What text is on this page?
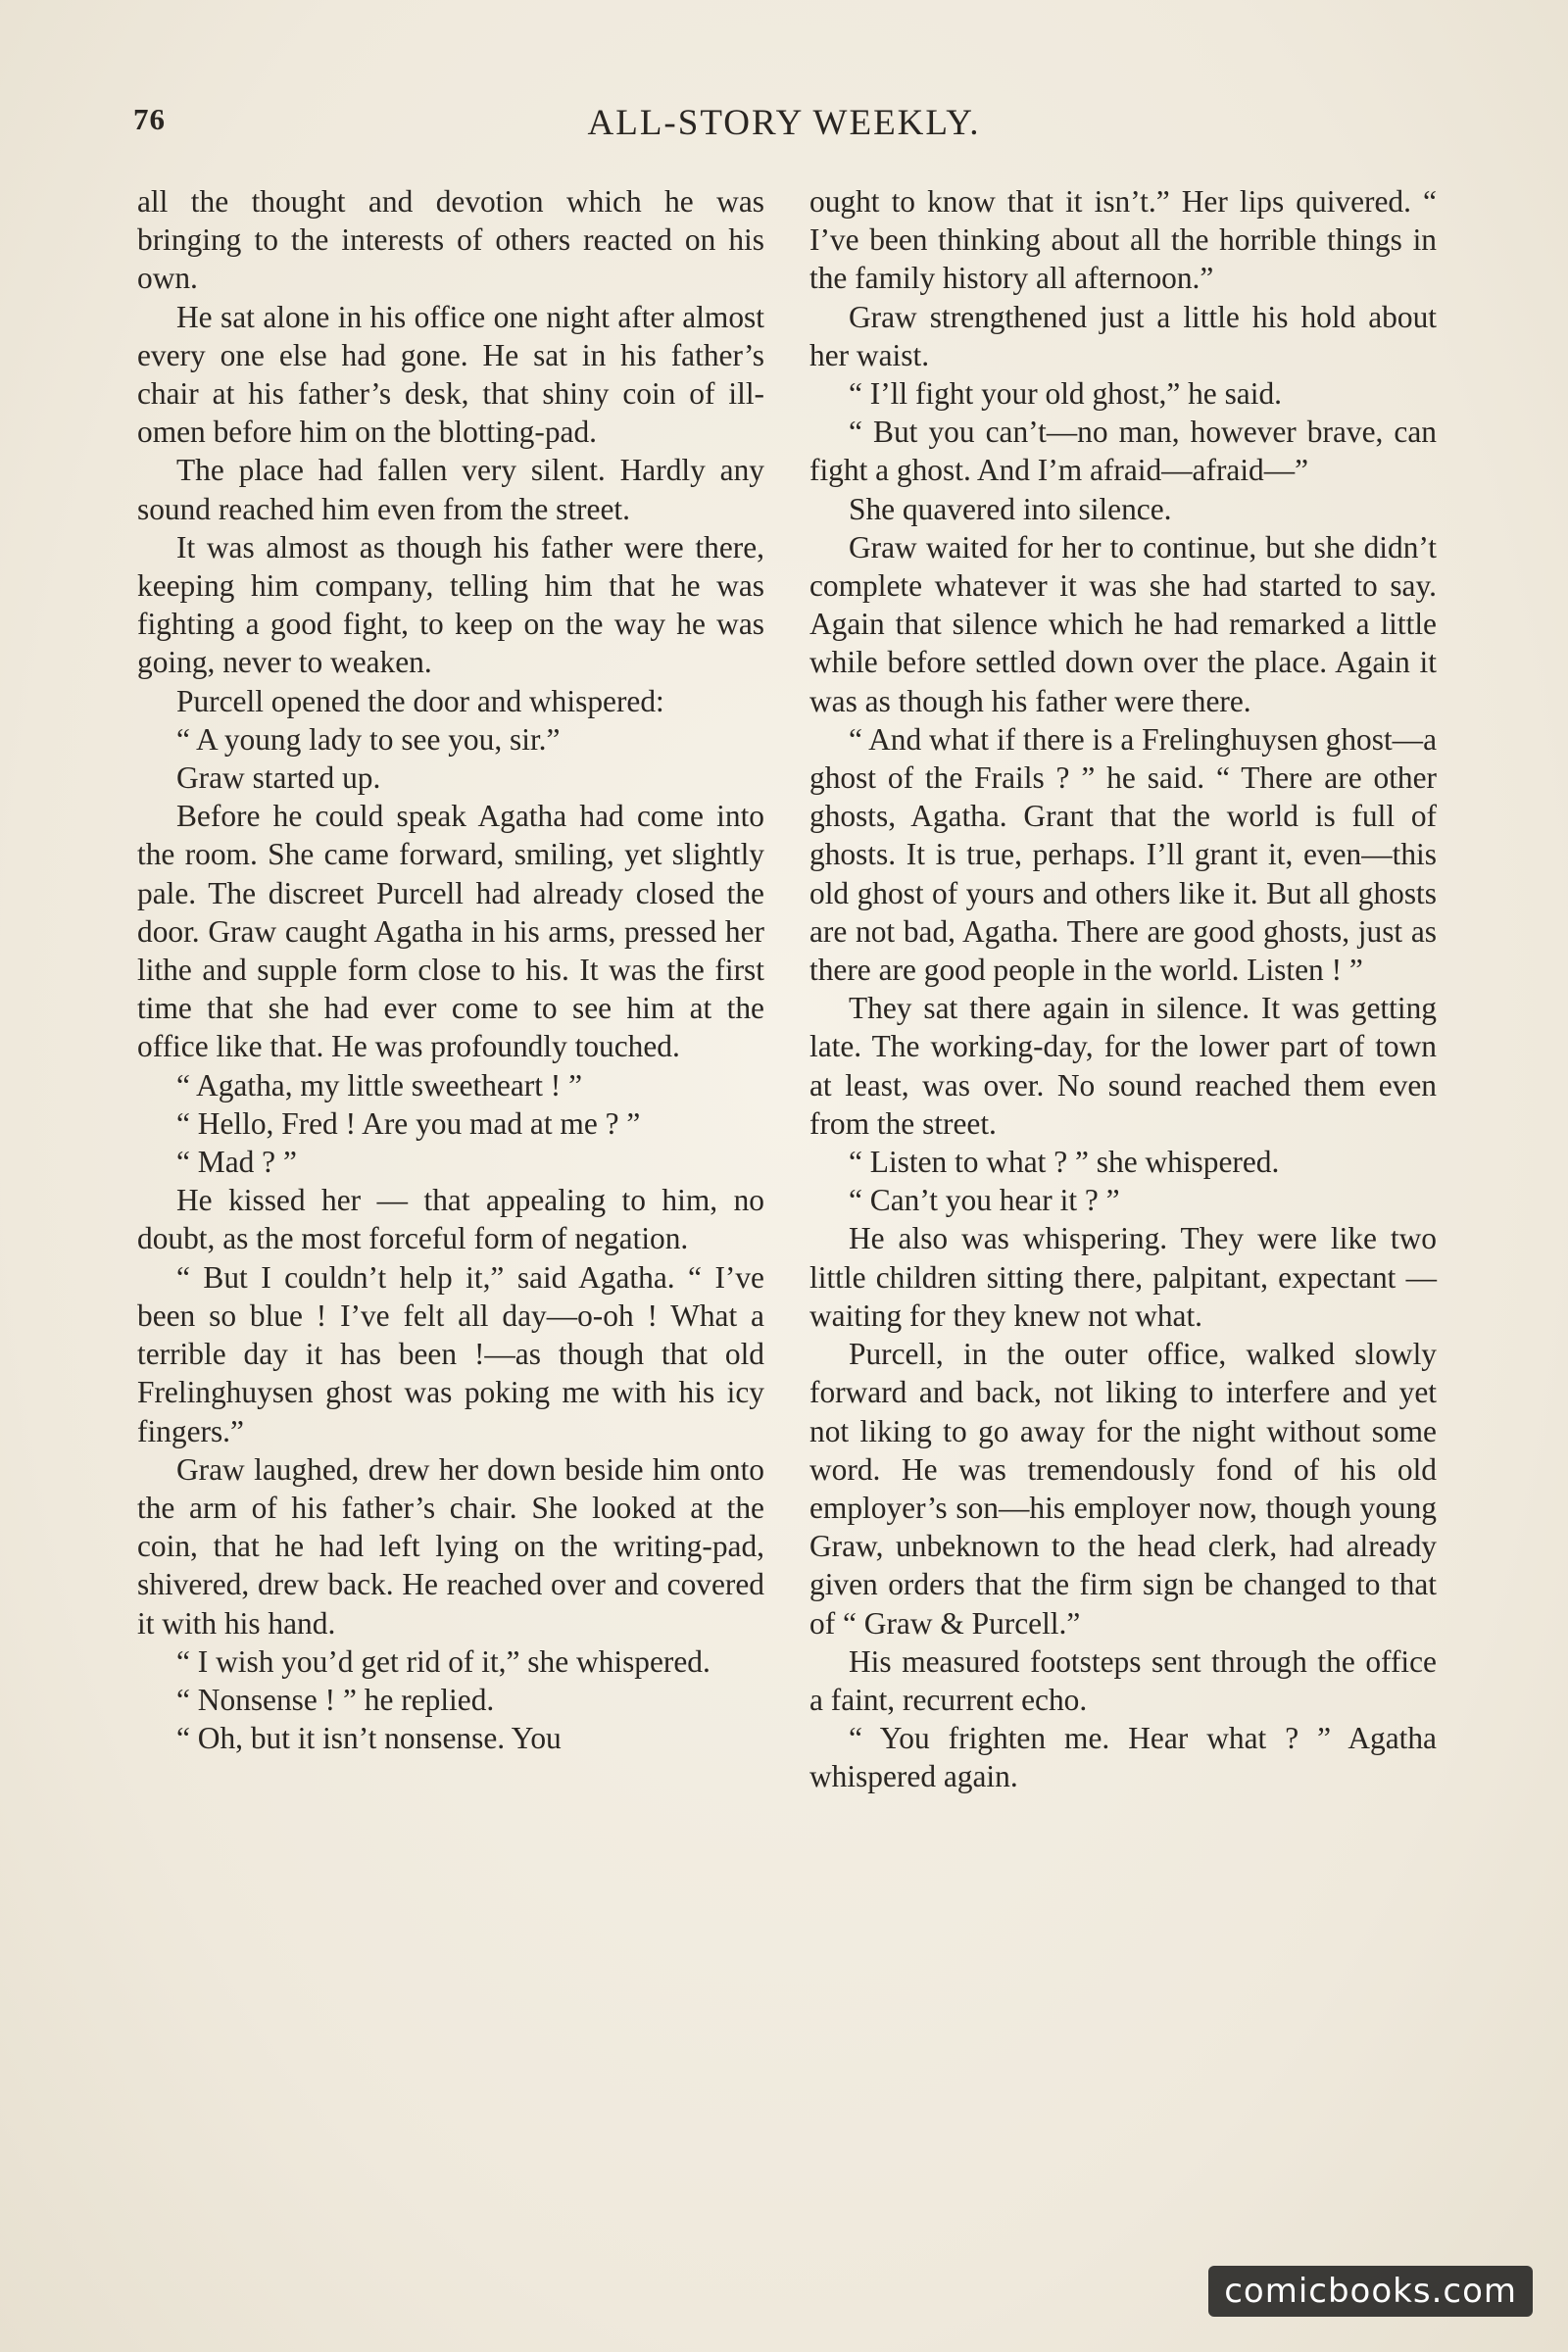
76	ALL-STORY WEEKLY.

all the thought and devotion which he was bringing to the interests of others reacted on his own.

He sat alone in his office one night after almost every one else had gone. He sat in his father’s chair at his father’s desk, that shiny coin of ill-omen before him on the blotting-pad.

The place had fallen very silent. Hardly any sound reached him even from the street.

It was almost as though his father were there, keeping him company, telling him that he was fighting a good fight, to keep on the way he was going, never to weaken.

Purcell opened the door and whispered:

“ A young lady to see you, sir.”

Graw started up.

Before he could speak Agatha had come into the room. She came forward, smiling, yet slightly pale. The discreet Purcell had already closed the door. Graw caught Agatha in his arms, pressed her lithe and supple form close to his. It was the first time that she had ever come to see him at the office like that. He was profoundly touched.

“ Agatha, my little sweetheart ! ”

“ Hello, Fred ! Are you mad at me ? ”

“ Mad ? ”

He kissed her — that appealing to him, no doubt, as the most forceful form of negation.

“ But I couldn’t help it,” said Agatha. “ I’ve been so blue ! I’ve felt all day—o-oh ! What a terrible day it has been !—as though that old Frelinghuysen ghost was poking me with his icy fingers.”

Graw laughed, drew her down beside him onto the arm of his father’s chair. She looked at the coin, that he had left lying on the writing-pad, shivered, drew back. He reached over and covered it with his hand.

“ I wish you’d get rid of it,” she whispered.

“ Nonsense ! ” he replied.

“ Oh, but it isn’t nonsense. You

ought to know that it isn’t.” Her lips quivered. “ I’ve been thinking about all the horrible things in the family history all afternoon.”

Graw strengthened just a little his hold about her waist.

“ I’ll fight your old ghost,” he said.

“ But you can’t—no man, however brave, can fight a ghost. And I’m afraid—afraid—”

She quavered into silence.

Graw waited for her to continue, but she didn’t complete whatever it was she had started to say. Again that silence which he had remarked a little while before settled down over the place. Again it was as though his father were there.

“ And what if there is a Frelinghuysen ghost—a ghost of the Frails ? ” he said. “ There are other ghosts, Agatha. Grant that the world is full of ghosts. It is true, perhaps. I’ll grant it, even—this old ghost of yours and others like it. But all ghosts are not bad, Agatha. There are good ghosts, just as there are good people in the world. Listen ! ”

They sat there again in silence. It was getting late. The working-day, for the lower part of town at least, was over. No sound reached them even from the street.

“ Listen to what ? ” she whispered.

“ Can’t you hear it ? ”

He also was whispering. They were like two little children sitting there, palpitant, expectant — waiting for they knew not what.

Purcell, in the outer office, walked slowly forward and back, not liking to interfere and yet not liking to go away for the night without some word. He was tremendously fond of his old employer’s son—his employer now, though young Graw, unbeknown to the head clerk, had already given orders that the firm sign be changed to that of “ Graw & Purcell.”

His measured footsteps sent through the office a faint, recurrent echo.

“ You frighten me. Hear what ? ” Agatha whispered again.

comicbooks.com
